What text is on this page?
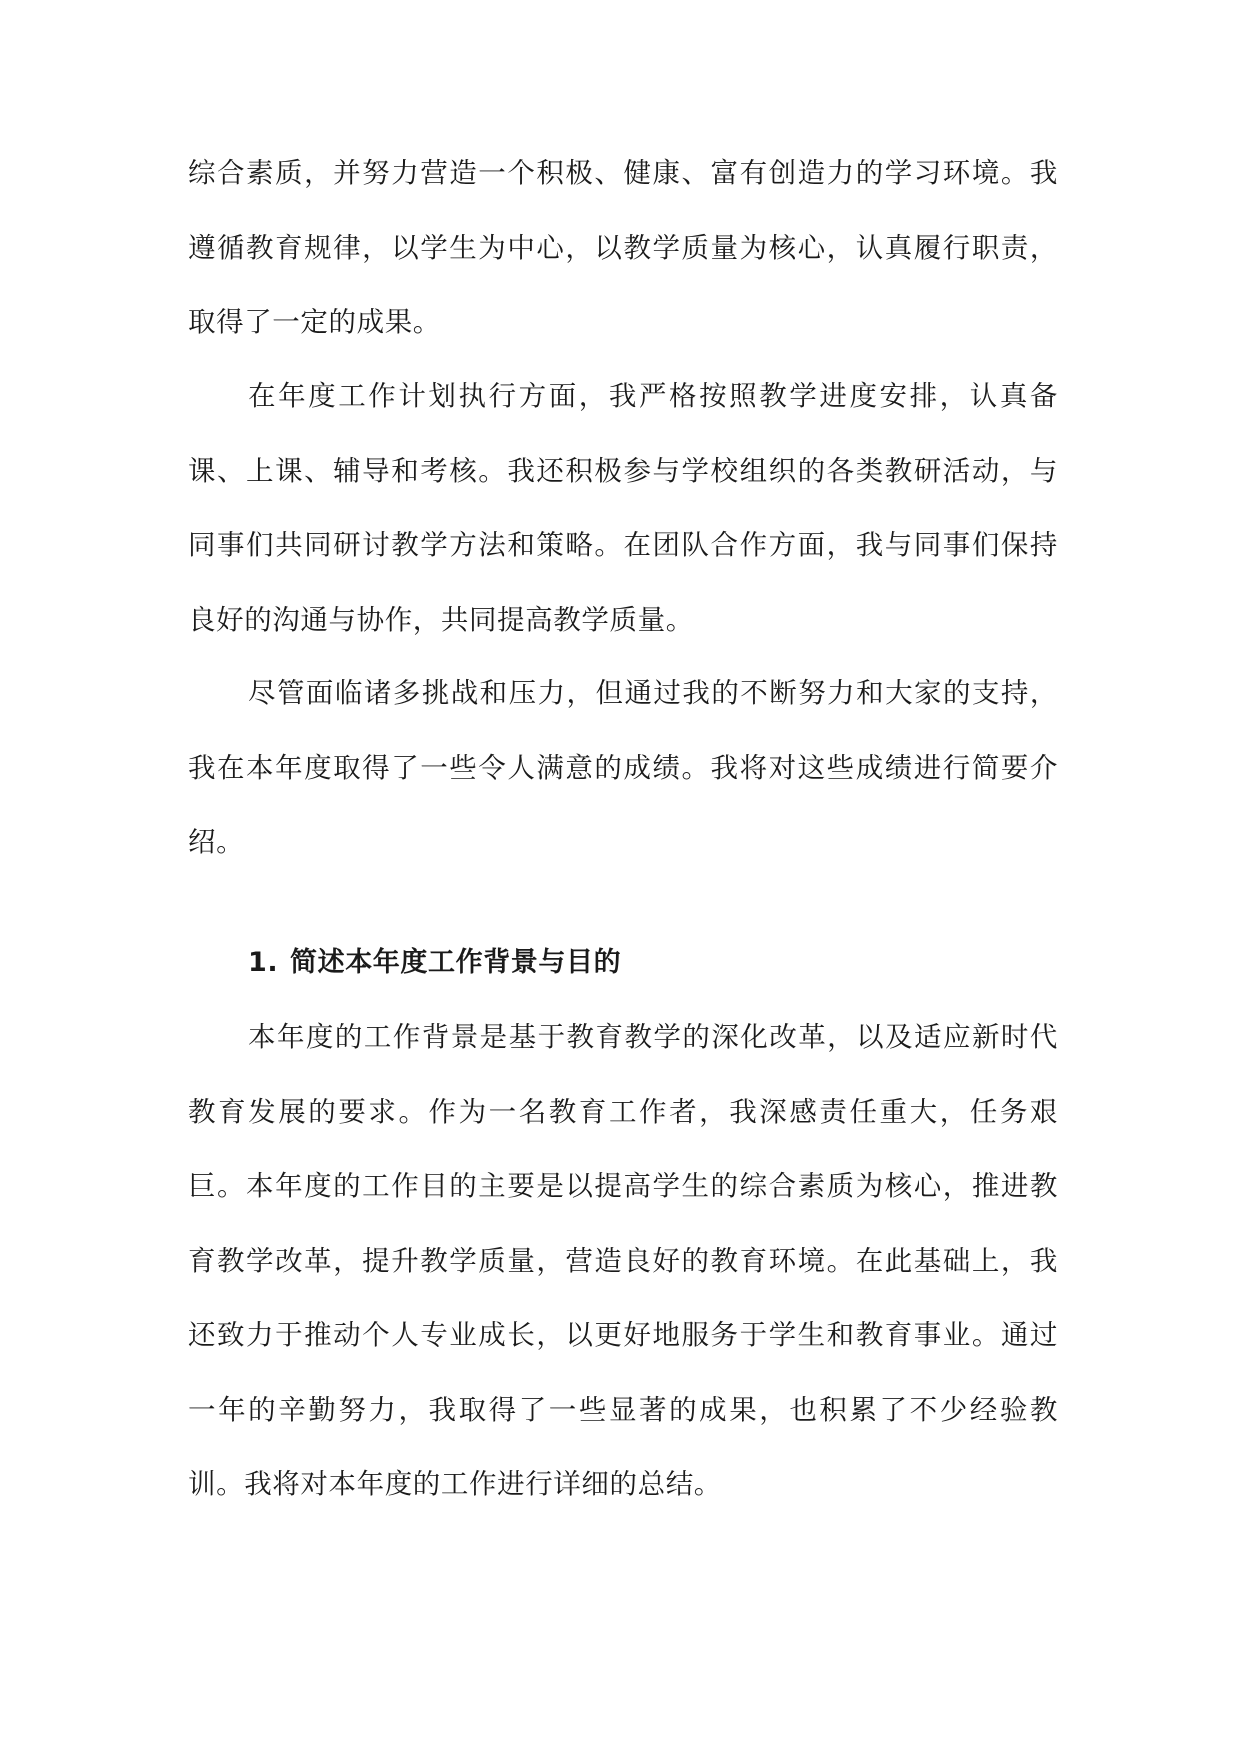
综合素质，并努力营造一个积极、健康、富有创造力的学习环境。我遵循教育规律，以学生为中心，以教学质量为核心，认真履行职责，取得了一定的成果。

在年度工作计划执行方面，我严格按照教学进度安排，认真备课、上课、辅导和考核。我还积极参与学校组织的各类教研活动，与同事们共同研讨教学方法和策略。在团队合作方面，我与同事们保持良好的沟通与协作，共同提高教学质量。

尽管面临诸多挑战和压力，但通过我的不断努力和大家的支持，我在本年度取得了一些令人满意的成绩。我将对这些成绩进行简要介绍。

1. 简述本年度工作背景与目的

本年度的工作背景是基于教育教学的深化改革，以及适应新时代教育发展的要求。作为一名教育工作者，我深感责任重大，任务艰巨。本年度的工作目的主要是以提高学生的综合素质为核心，推进教育教学改革，提升教学质量，营造良好的教育环境。在此基础上，我还致力于推动个人专业成长，以更好地服务于学生和教育事业。通过一年的辛勤努力，我取得了一些显著的成果，也积累了不少经验教训。我将对本年度的工作进行详细的总结。
